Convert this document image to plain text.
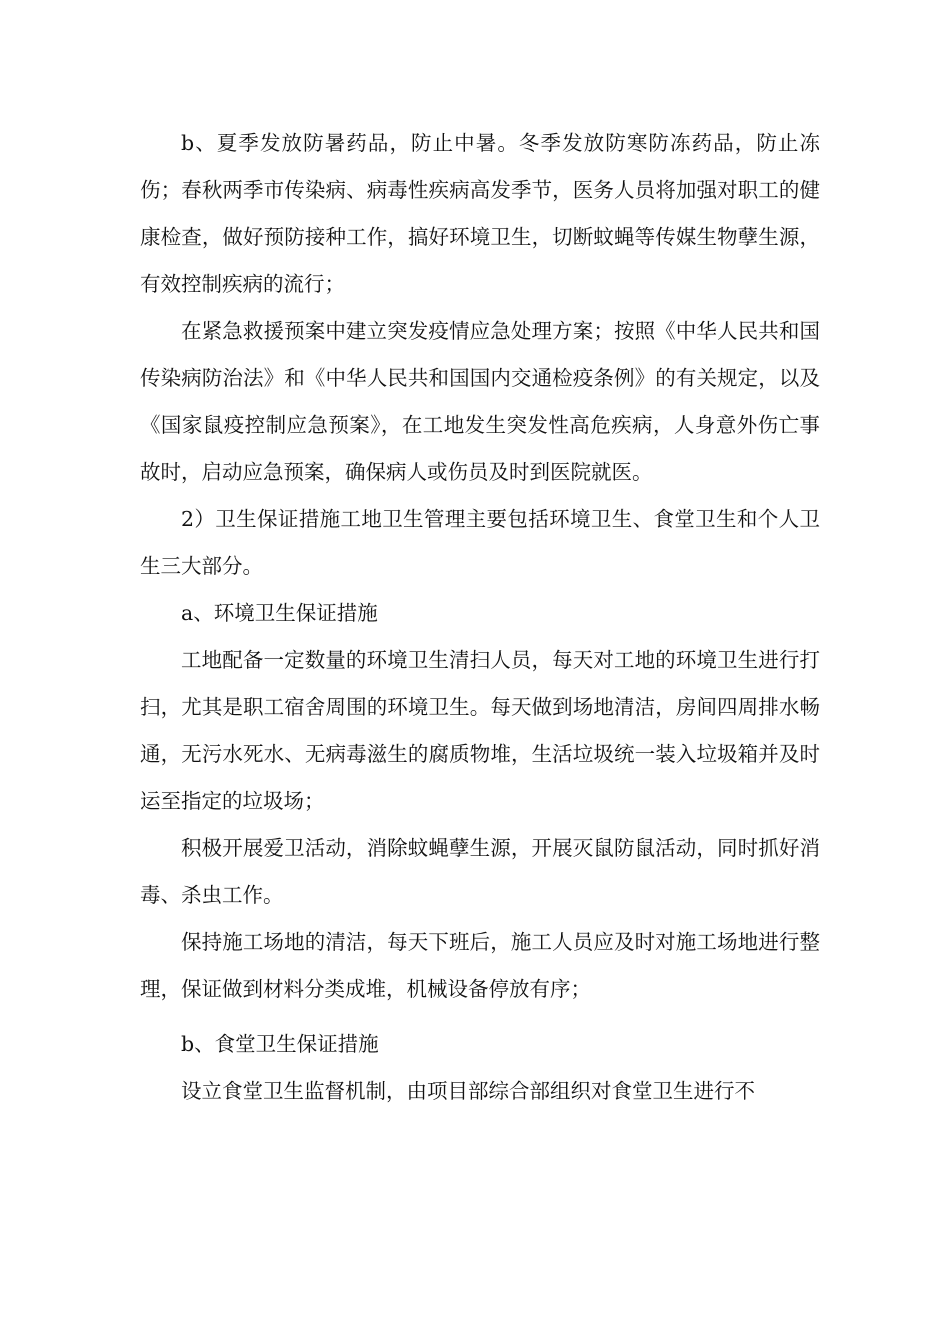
b、夏季发放防暑药品，防止中暑。冬季发放防寒防冻药品，防止冻伤；春秋两季市传染病、病毒性疾病高发季节，医务人员将加强对职工的健康检查，做好预防接种工作，搞好环境卫生，切断蚊蝇等传媒生物孽生源，有效控制疾病的流行；

在紧急救援预案中建立突发疫情应急处理方案；按照《中华人民共和国传染病防治法》和《中华人民共和国国内交通检疫条例》的有关规定，以及《国家鼠疫控制应急预案》，在工地发生突发性高危疾病，人身意外伤亡事故时，启动应急预案，确保病人或伤员及时到医院就医。

2）卫生保证措施工地卫生管理主要包括环境卫生、食堂卫生和个人卫生三大部分。

a、环境卫生保证措施

工地配备一定数量的环境卫生清扫人员，每天对工地的环境卫生进行打扫，尤其是职工宿舍周围的环境卫生。每天做到场地清洁，房间四周排水畅通，无污水死水、无病毒滋生的腐质物堆，生活垃圾统一装入垃圾箱并及时运至指定的垃圾场；

积极开展爱卫活动，消除蚊蝇孽生源，开展灭鼠防鼠活动，同时抓好消毒、杀虫工作。

保持施工场地的清洁，每天下班后，施工人员应及时对施工场地进行整理，保证做到材料分类成堆，机械设备停放有序；

b、食堂卫生保证措施

设立食堂卫生监督机制，由项目部综合部组织对食堂卫生进行不
